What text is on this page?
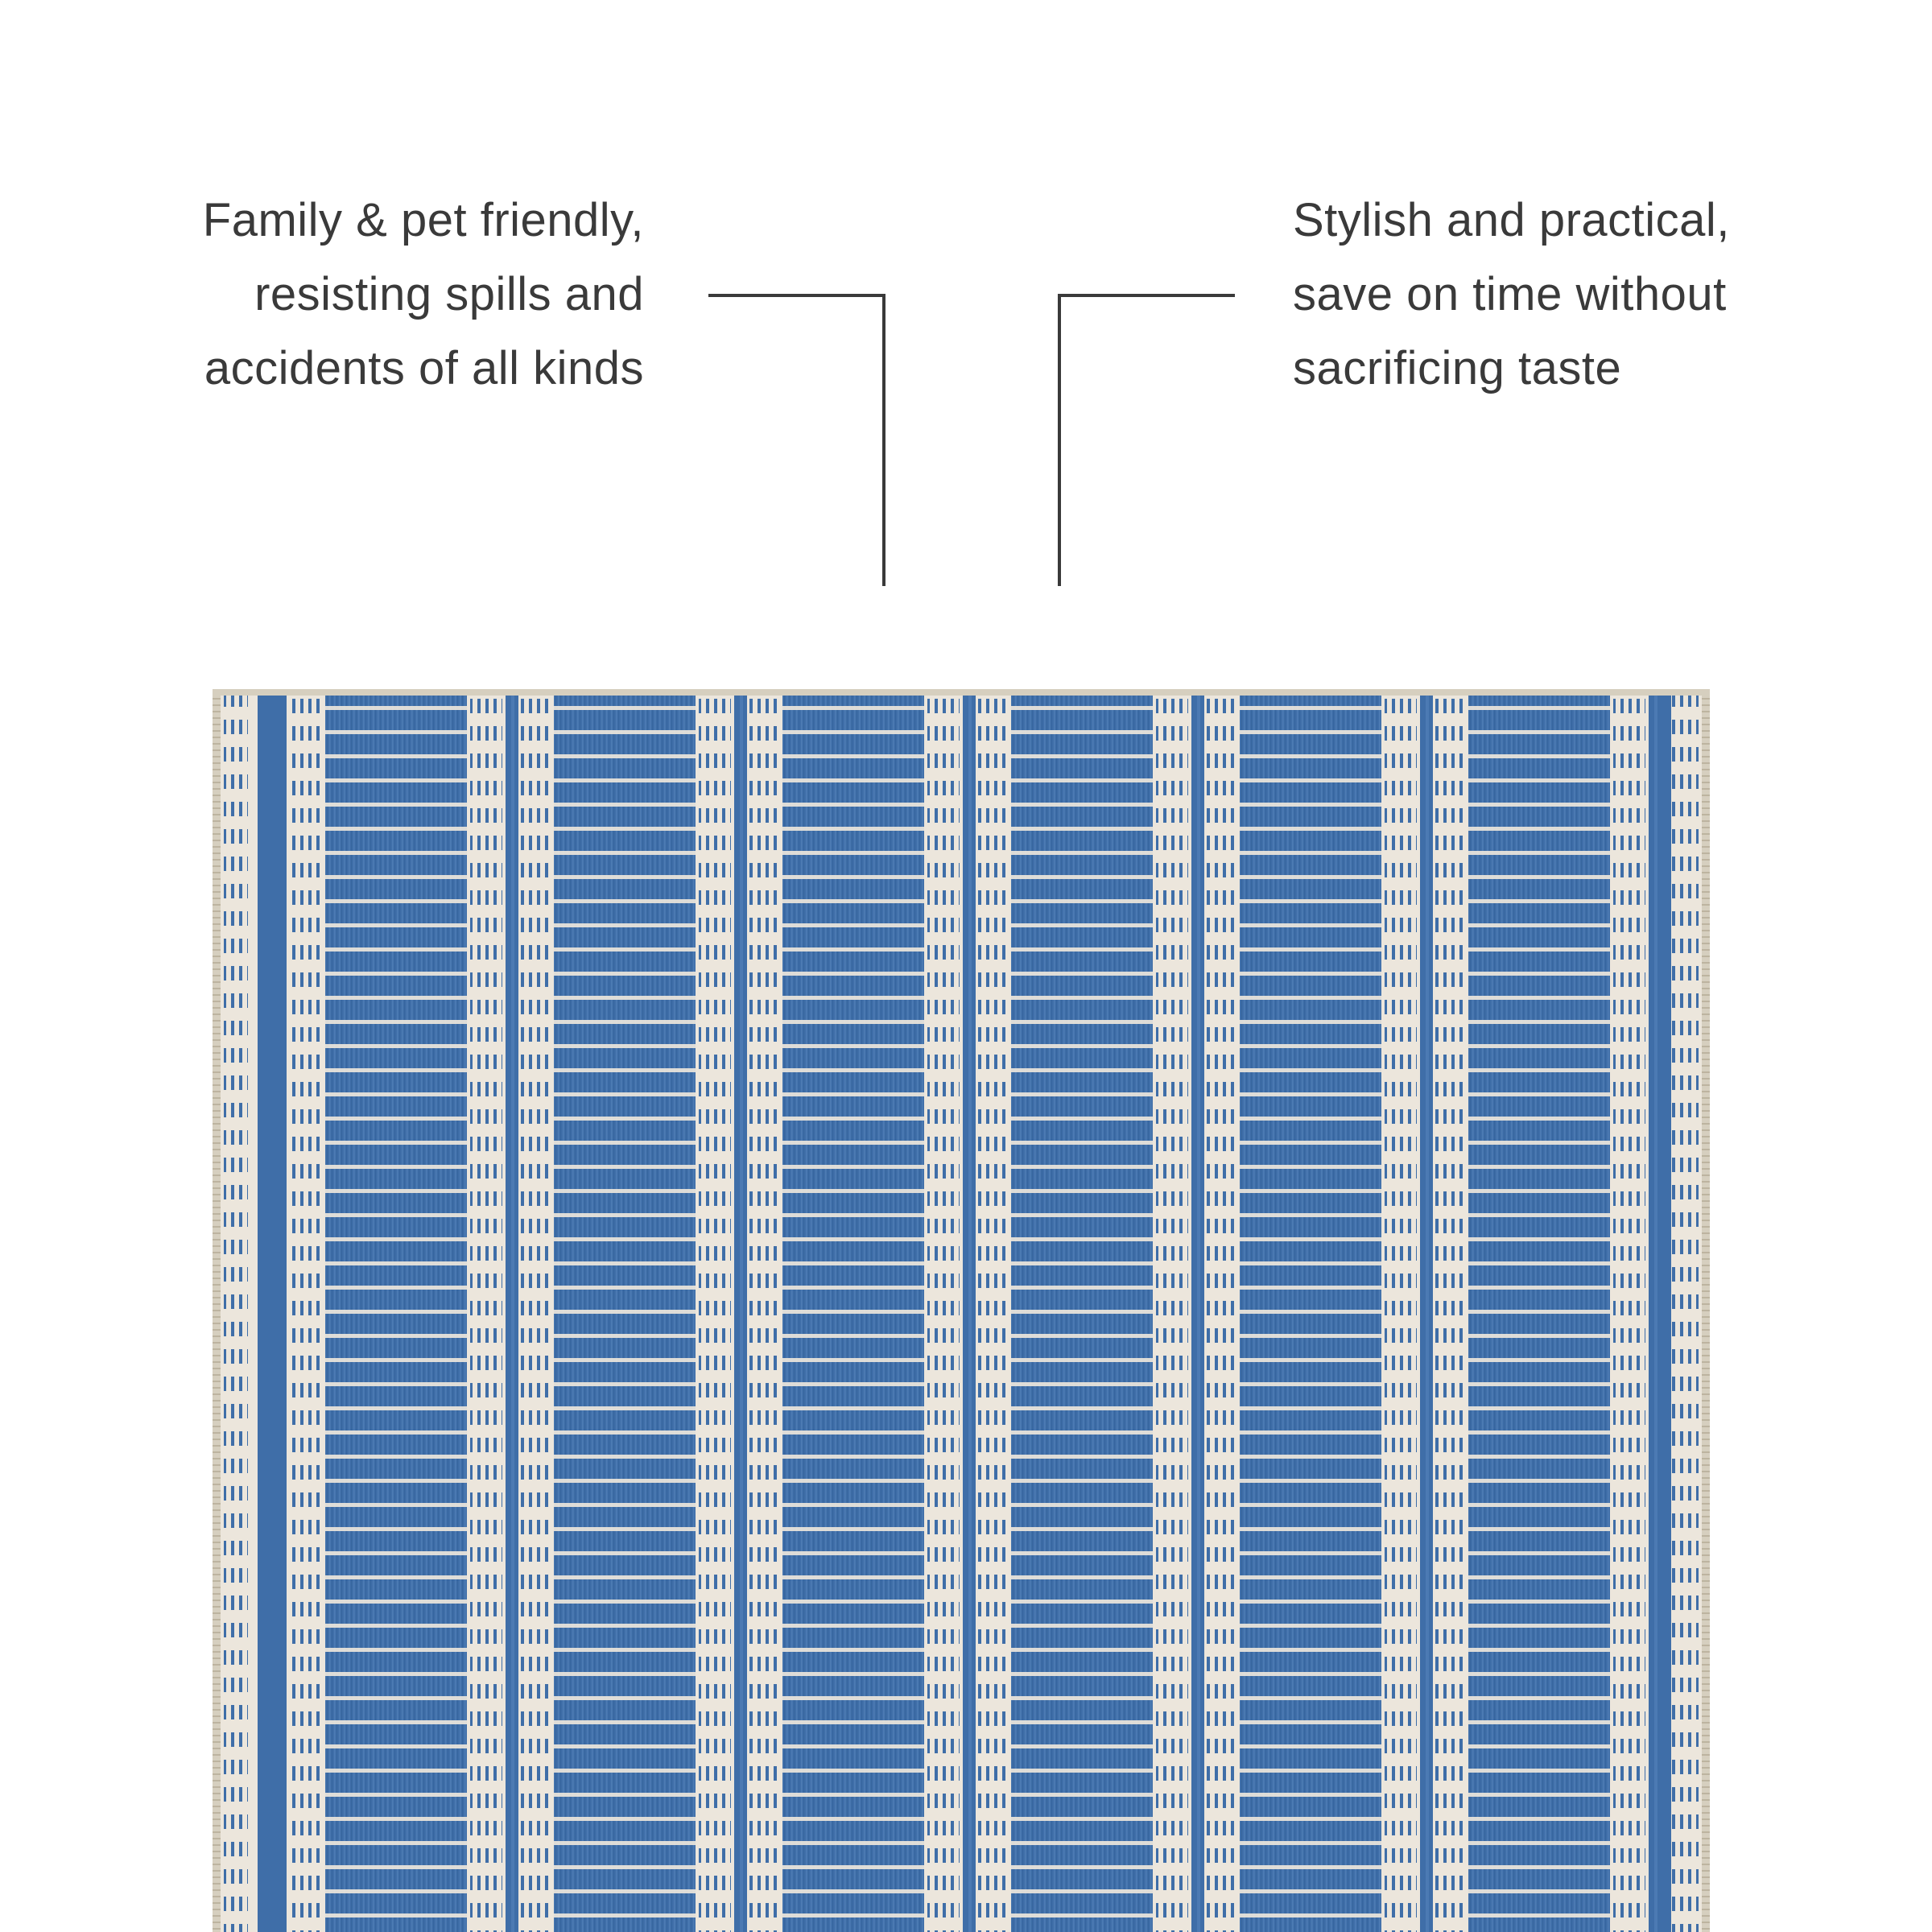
Family & pet friendly,
resisting spills and
accidents of all kinds
Stylish and practical,
save on time without
sacrificing taste
